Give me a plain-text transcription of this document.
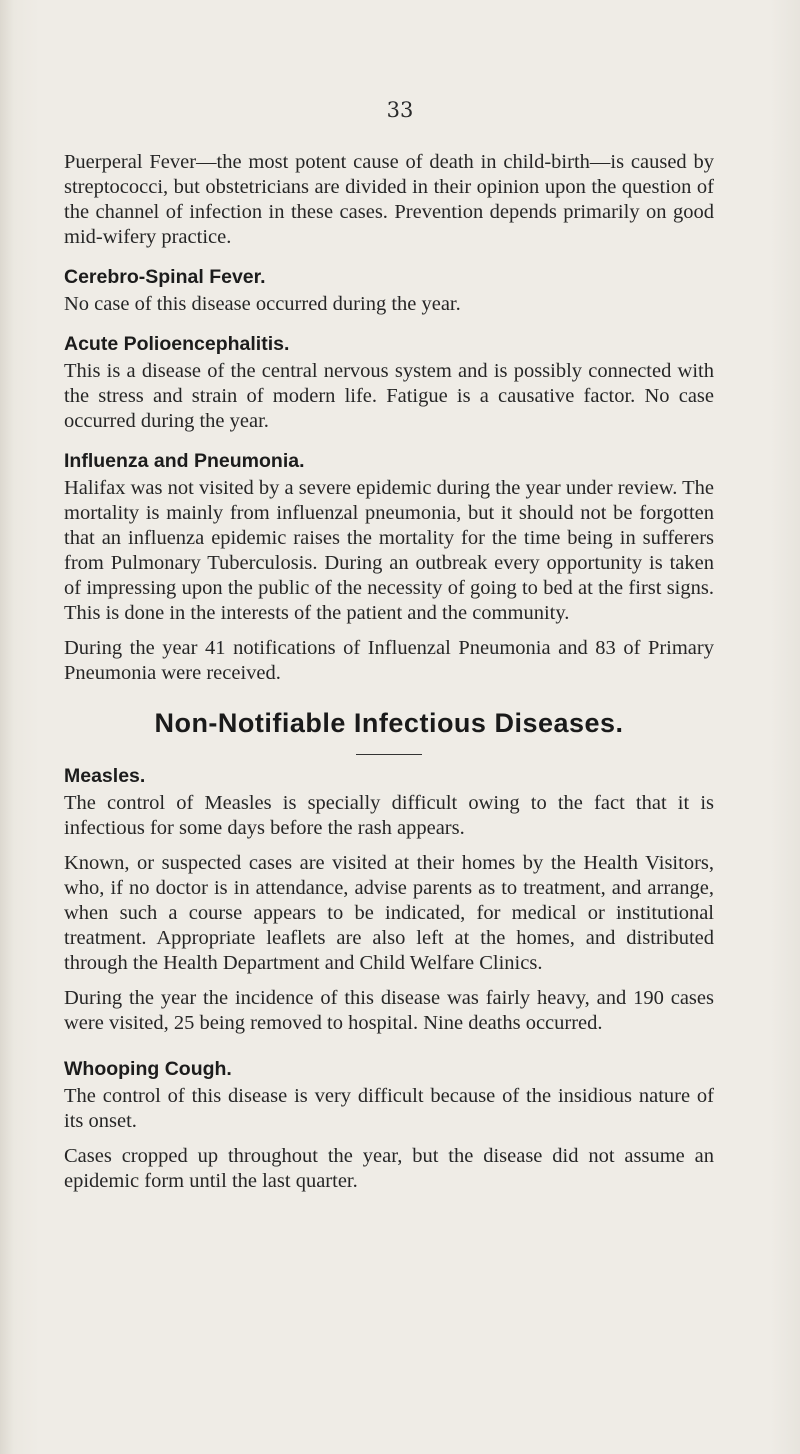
33

Puerperal Fever—the most potent cause of death in child-birth—is caused by streptococci, but obstetricians are divided in their opinion upon the question of the channel of infection in these cases. Prevention depends primarily on good mid-wifery practice.

Cerebro-Spinal Fever.

No case of this disease occurred during the year.

Acute Polioencephalitis.

This is a disease of the central nervous system and is possibly connected with the stress and strain of modern life. Fatigue is a causative factor. No case occurred during the year.

Influenza and Pneumonia.

Halifax was not visited by a severe epidemic during the year under review. The mortality is mainly from influenzal pneumonia, but it should not be forgotten that an influenza epidemic raises the mortality for the time being in sufferers from Pulmonary Tuberculosis. During an outbreak every opportunity is taken of impressing upon the public of the necessity of going to bed at the first signs. This is done in the interests of the patient and the community.

During the year 41 notifications of Influenzal Pneumonia and 83 of Primary Pneumonia were received.

Non-Notifiable Infectious Diseases.
Measles.

The control of Measles is specially difficult owing to the fact that it is infectious for some days before the rash appears.

Known, or suspected cases are visited at their homes by the Health Visitors, who, if no doctor is in attendance, advise parents as to treatment, and arrange, when such a course appears to be indicated, for medical or institutional treatment. Appropriate leaflets are also left at the homes, and distributed through the Health Department and Child Welfare Clinics.

During the year the incidence of this disease was fairly heavy, and 190 cases were visited, 25 being removed to hospital. Nine deaths occurred.

Whooping Cough.

The control of this disease is very difficult because of the insidious nature of its onset.

Cases cropped up throughout the year, but the disease did not assume an epidemic form until the last quarter.
